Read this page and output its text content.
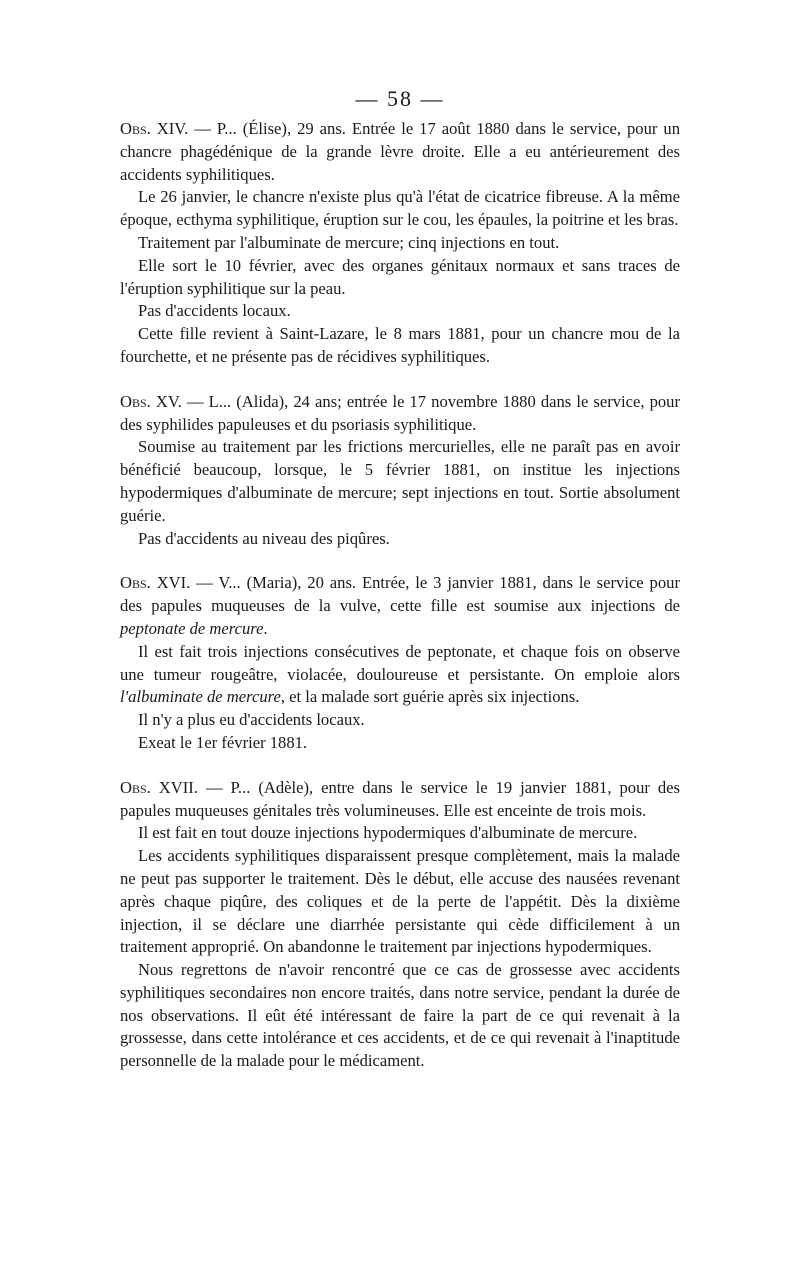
— 58 —

Obs. XIV. — P... (Élise), 29 ans. Entrée le 17 août 1880 dans le service, pour un chancre phagédénique de la grande lèvre droite. Elle a eu antérieurement des accidents syphilitiques.

Le 26 janvier, le chancre n'existe plus qu'à l'état de cicatrice fibreuse. A la même époque, ecthyma syphilitique, éruption sur le cou, les épaules, la poitrine et les bras.

Traitement par l'albuminate de mercure; cinq injections en tout.

Elle sort le 10 février, avec des organes génitaux normaux et sans traces de l'éruption syphilitique sur la peau.

Pas d'accidents locaux.

Cette fille revient à Saint-Lazare, le 8 mars 1881, pour un chancre mou de la fourchette, et ne présente pas de récidives syphilitiques.

Obs. XV. — L... (Alida), 24 ans; entrée le 17 novembre 1880 dans le service, pour des syphilides papuleuses et du psoriasis syphilitique.

Soumise au traitement par les frictions mercurielles, elle ne paraît pas en avoir bénéficié beaucoup, lorsque, le 5 février 1881, on institue les injections hypodermiques d'albuminate de mercure; sept injections en tout. Sortie absolument guérie.

Pas d'accidents au niveau des piqûres.

Obs. XVI. — V... (Maria), 20 ans. Entrée, le 3 janvier 1881, dans le service pour des papules muqueuses de la vulve, cette fille est soumise aux injections de peptonate de mercure.

Il est fait trois injections consécutives de peptonate, et chaque fois on observe une tumeur rougeâtre, violacée, douloureuse et persistante. On emploie alors l'albuminate de mercure, et la malade sort guérie après six injections.

Il n'y a plus eu d'accidents locaux.

Exeat le 1er février 1881.

Obs. XVII. — P... (Adèle), entre dans le service le 19 janvier 1881, pour des papules muqueuses génitales très volumineuses. Elle est enceinte de trois mois.

Il est fait en tout douze injections hypodermiques d'albuminate de mercure.

Les accidents syphilitiques disparaissent presque complètement, mais la malade ne peut pas supporter le traitement. Dès le début, elle accuse des nausées revenant après chaque piqûre, des coliques et de la perte de l'appétit. Dès la dixième injection, il se déclare une diarrhée persistante qui cède difficilement à un traitement approprié. On abandonne le traitement par injections hypodermiques.

Nous regrettons de n'avoir rencontré que ce cas de grossesse avec accidents syphilitiques secondaires non encore traités, dans notre service, pendant la durée de nos observations. Il eût été intéressant de faire la part de ce qui revenait à la grossesse, dans cette intolérance et ces accidents, et de ce qui revenait à l'inaptitude personnelle de la malade pour le médicament.
